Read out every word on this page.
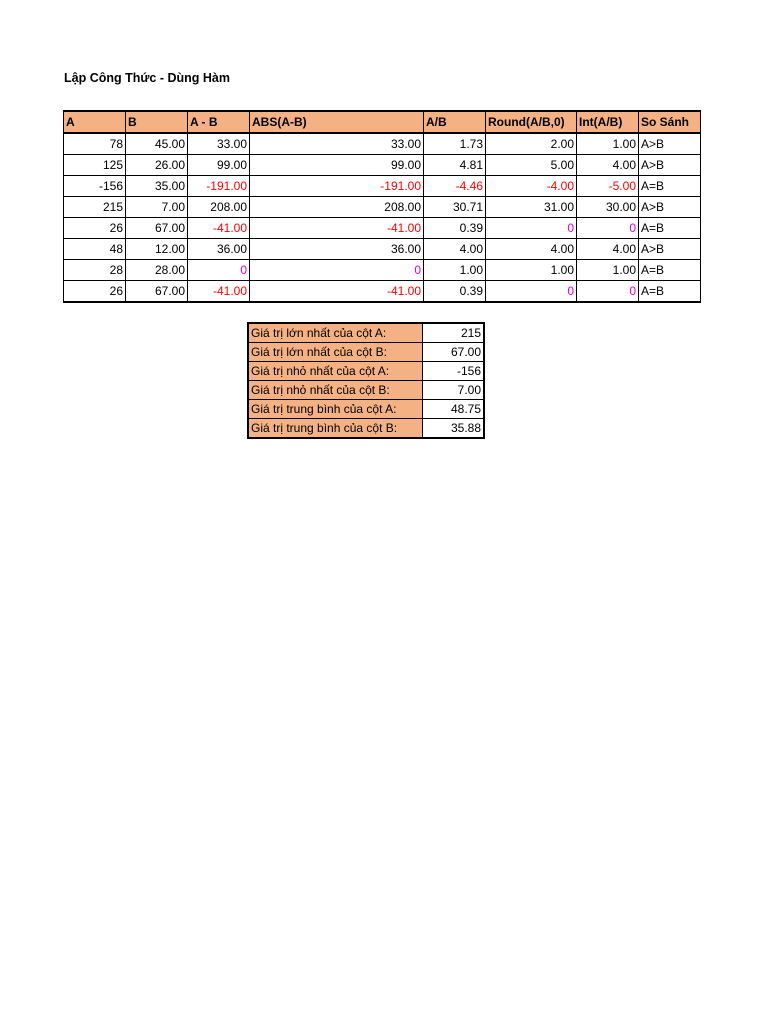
Lập Công Thức - Dùng Hàm
A	B	A - B	ABS(A-B)	A/B	Round(A/B,0)	Int(A/B)	So Sánh
78	45.00	33.00	33.00	1.73	2.00	1.00	A>B
125	26.00	99.00	99.00	4.81	5.00	4.00	A>B
-156	35.00	-191.00	-191.00	-4.46	-4.00	-5.00	A=B
215	7.00	208.00	208.00	30.71	31.00	30.00	A>B
26	67.00	-41.00	-41.00	0.39	0	0	A=B
48	12.00	36.00	36.00	4.00	4.00	4.00	A>B
28	28.00	0	0	1.00	1.00	1.00	A=B
26	67.00	-41.00	-41.00	0.39	0	0	A=B
Giá trị lớn nhất của cột A:	215
Giá trị lớn nhất của cột B:	67.00
Giá trị nhỏ nhất của cột A:	-156
Giá trị nhỏ nhất của cột B:	7.00
Giá trị trung bình của cột A:	48.75
Giá trị trung bình của cột B:	35.88
